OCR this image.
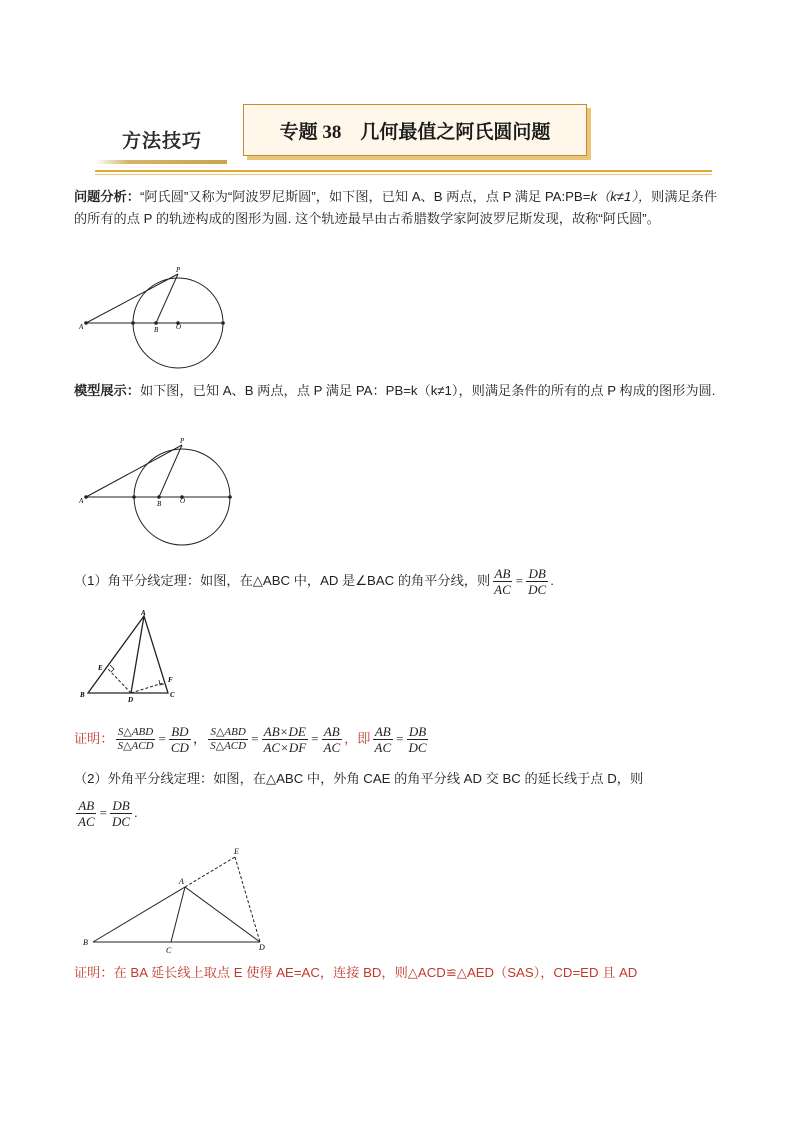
方法技巧	专题 38　几何最值之阿氏圆问题
问题分析：“阿氏圆”又称为“阿波罗尼斯圆”，如下图，已知 A、B 两点，点 P 满足 PA:PB=k（k≠1），则满足条件的所有的点 P 的轨迹构成的图形为圆. 这个轨迹最早由古希腊数学家阿波罗尼斯发现，故称“阿氏圆”。
P
A	B	O
模型展示：如下图，已知 A、B 两点，点 P 满足 PA：PB=k（k≠1），则满足条件的所有的点 P 构成的图形为圆.
P
A	B	O
（1）角平分线定理：如图，在△ABC 中，AD 是∠BAC 的角平分线，则 $\frac{AB}{AC} = \frac{DB}{DC}$ .
A
E
F
B
D
C
证明： $\frac{\text{S△ABD}}{\text{S△ACD}} = \frac{BD}{CD}$ ， $\frac{\text{S△ABD}}{\text{S△ACD}} = \frac{AB\times DE}{AC\times DF} = \frac{AB}{AC}$ ，即 $\frac{AB}{AC} = \frac{DB}{DC}$
（2）外角平分线定理：如图，在△ABC 中，外角 CAE 的角平分线 AD 交 BC 的延长线于点 D，则
$\frac{AB}{AC} = \frac{DB}{DC}$ .
E
A
B
C	D
证明：在 BA 延长线上取点 E 使得 AE=AC，连接 BD，则△ACD≌△AED（SAS），CD=ED 且 AD
